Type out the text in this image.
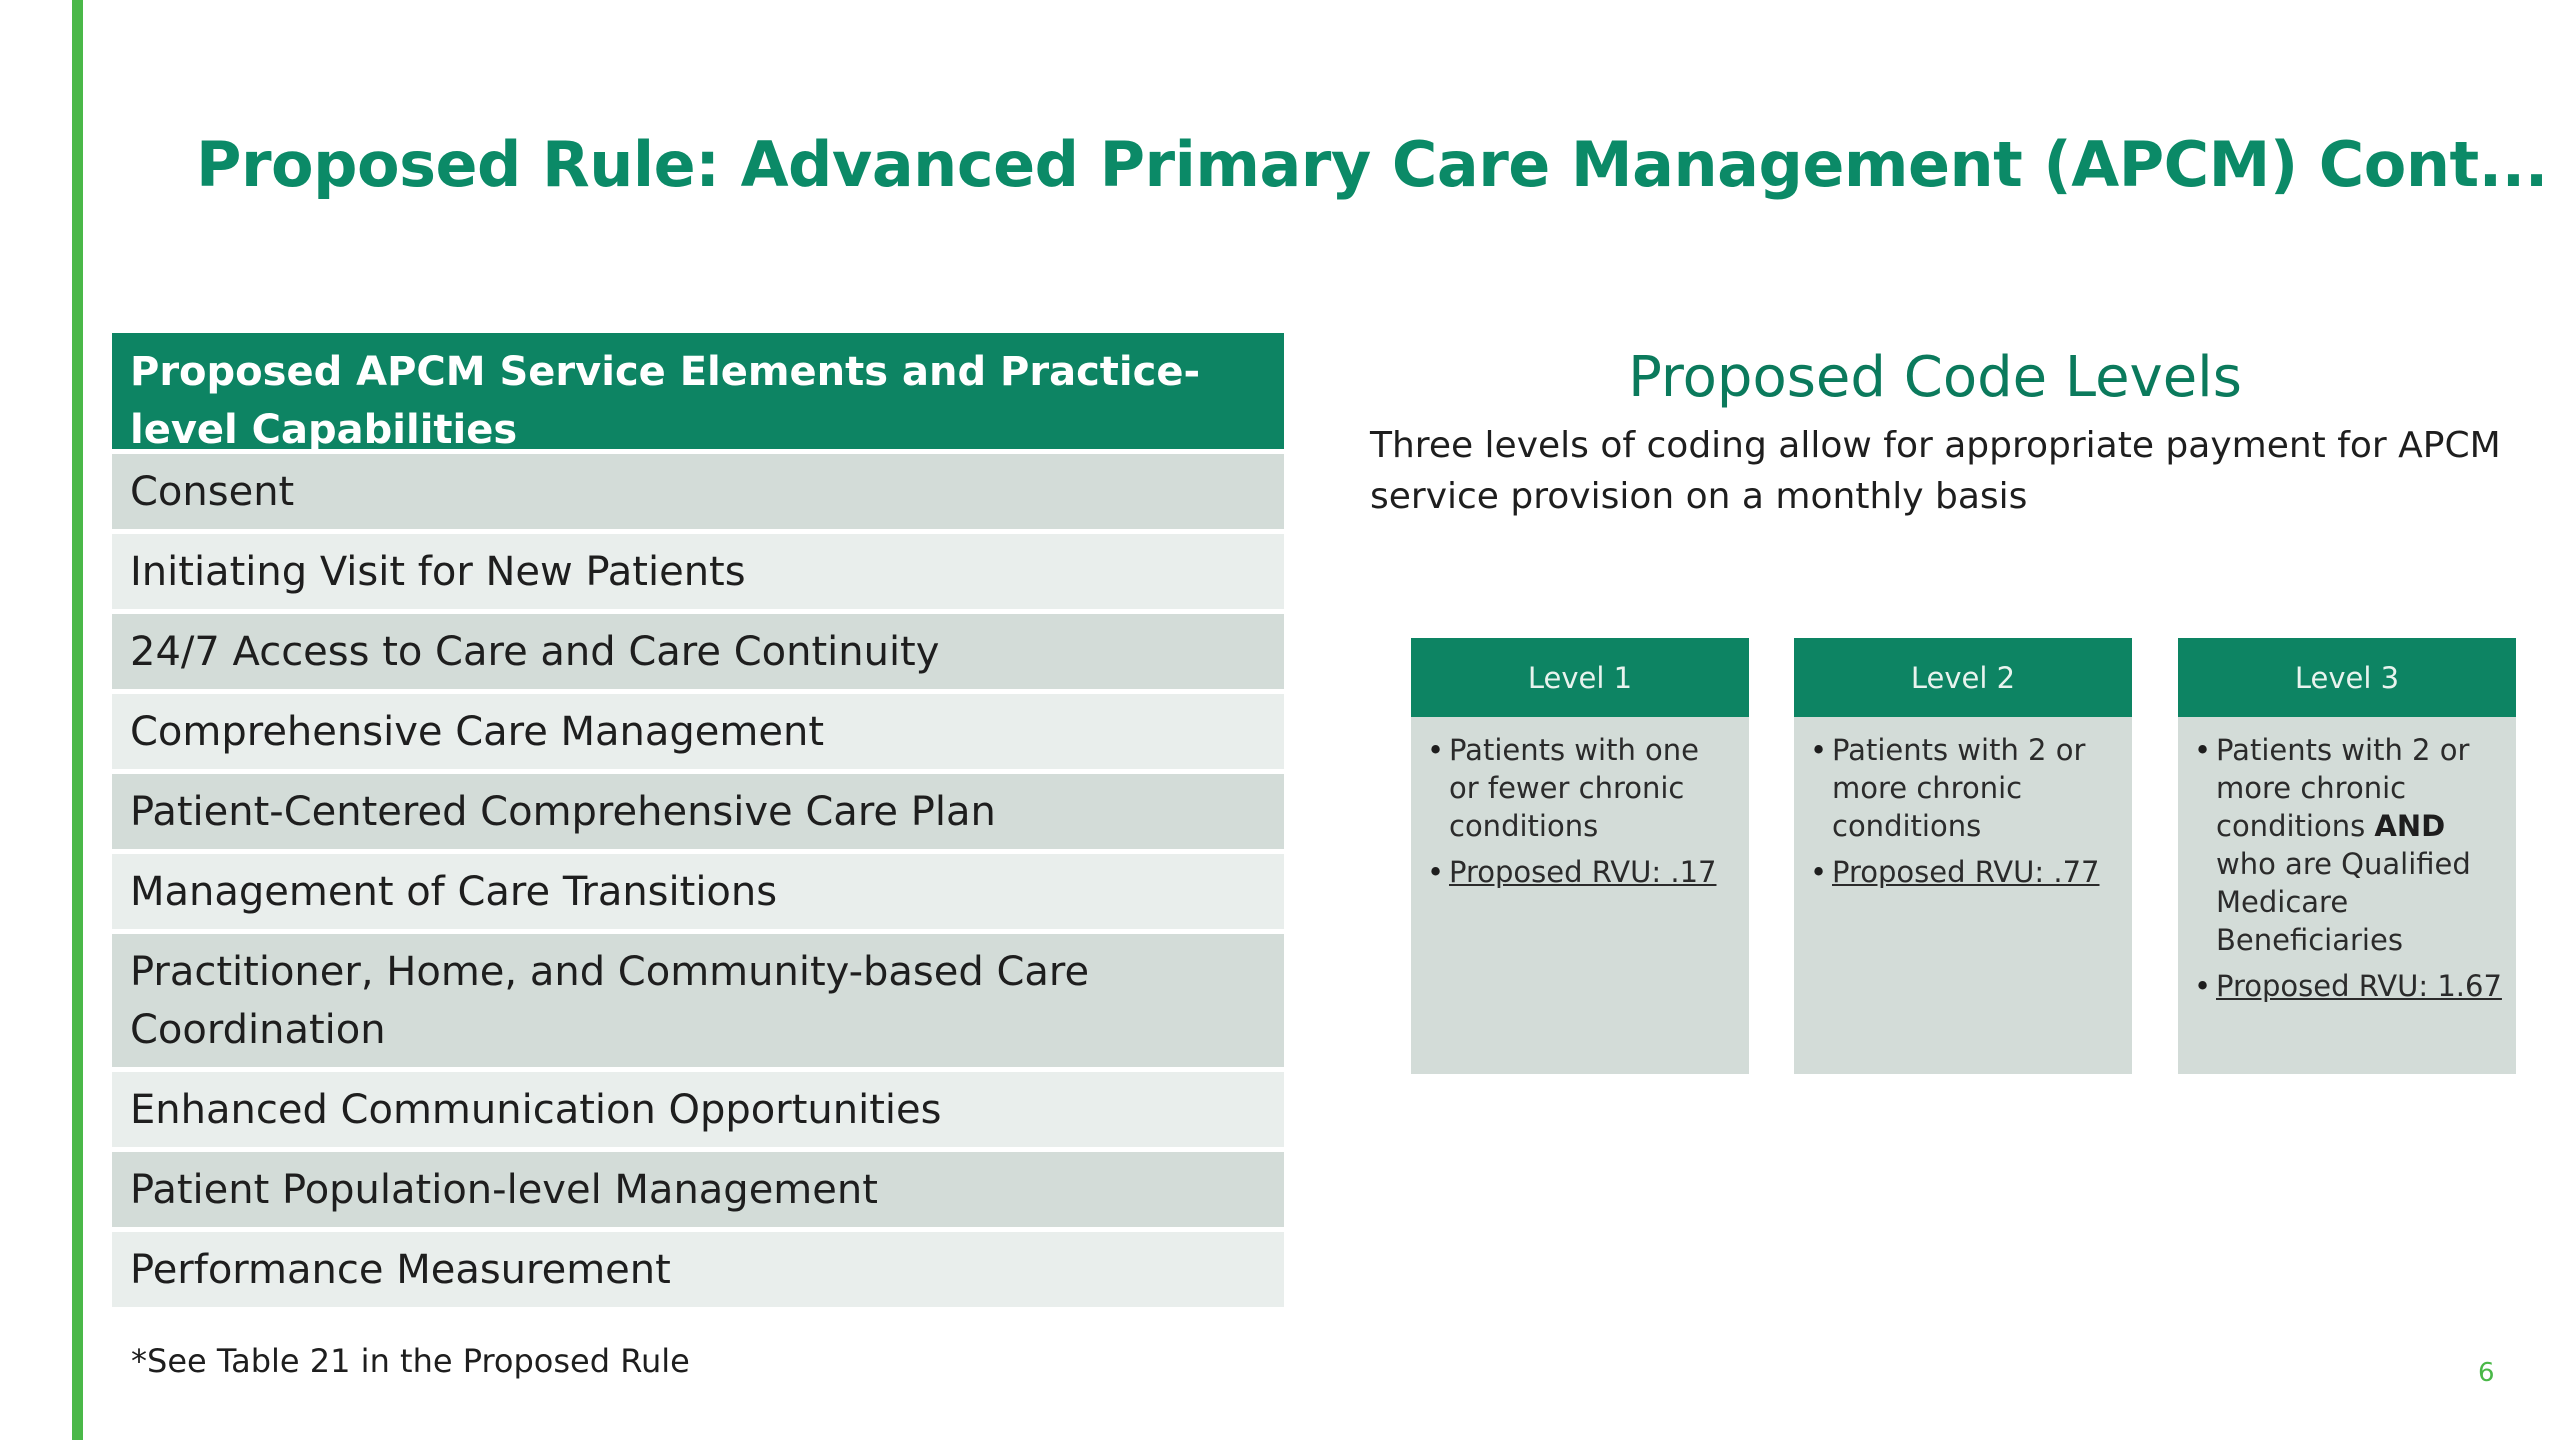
Proposed Rule: Advanced Primary Care Management (APCM) Cont...
Proposed APCM Service Elements and Practice-level Capabilities
Consent
Initiating Visit for New Patients
24/7 Access to Care and Care Continuity
Comprehensive Care Management
Patient-Centered Comprehensive Care Plan
Management of Care Transitions
Practitioner, Home, and Community-based Care Coordination
Enhanced Communication Opportunities
Patient Population-level Management
Performance Measurement
*See Table 21 in the Proposed Rule
Proposed Code Levels
Three levels of coding allow for appropriate payment for APCM service provision on a monthly basis
Level 1
• Patients with one or fewer chronic conditions
• Proposed RVU: .17
Level 2
• Patients with 2 or more chronic conditions
• Proposed RVU: .77
Level 3
• Patients with 2 or more chronic conditions AND who are Qualified Medicare Beneficiaries
• Proposed RVU: 1.67
6
